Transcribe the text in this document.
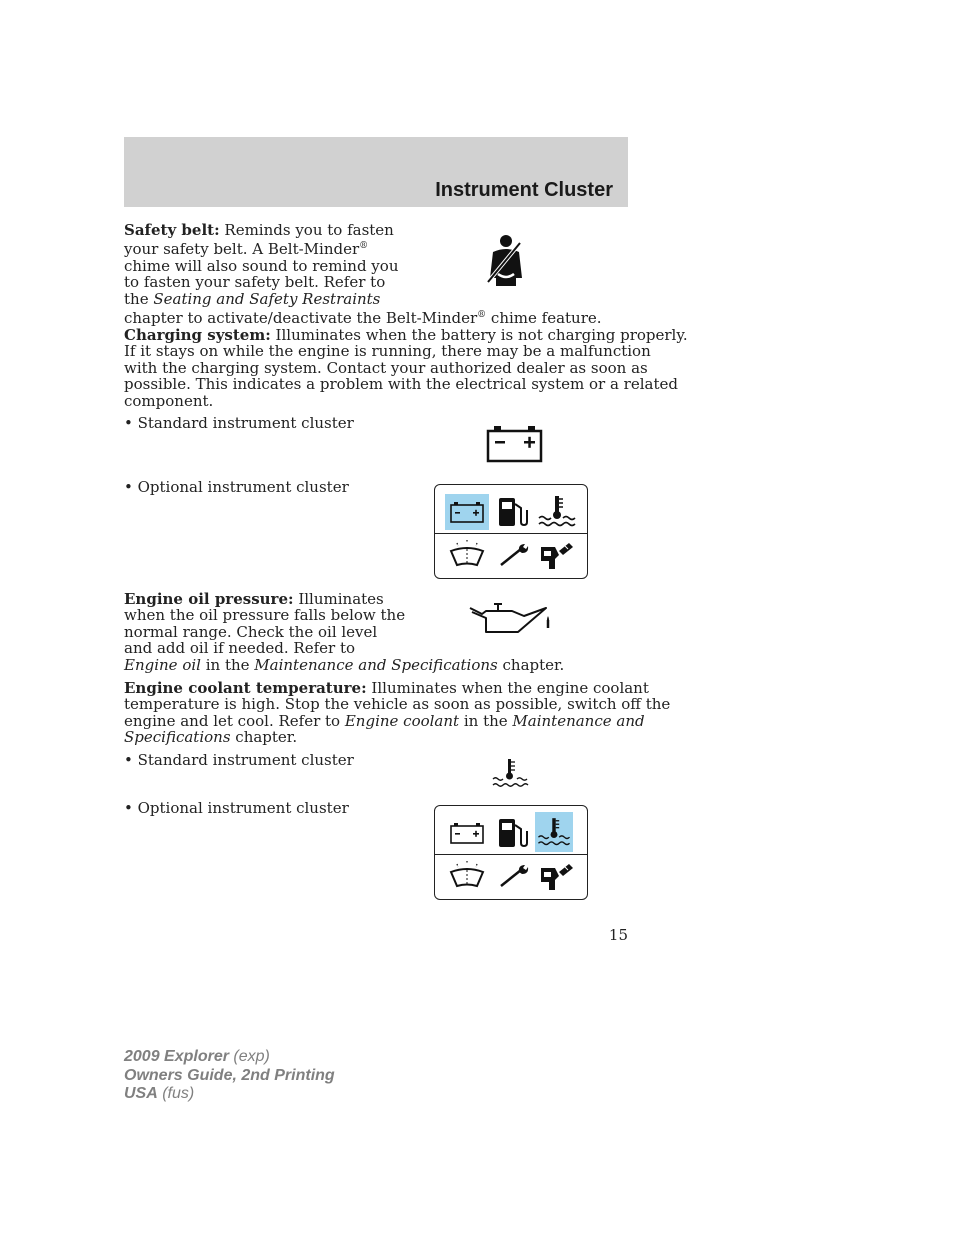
Instrument Cluster
Safety belt: Reminds you to fasten
your safety belt. A Belt-Minder®
chime will also sound to remind you
to fasten your safety belt. Refer to
the Seating and Safety Restraints
chapter to activate/deactivate the Belt-Minder® chime feature.
Charging system: Illuminates when the battery is not charging properly.
If it stays on while the engine is running, there may be a malfunction
with the charging system. Contact your authorized dealer as soon as
possible. This indicates a problem with the electrical system or a related
component.
• Standard instrument cluster
• Optional instrument cluster
Engine oil pressure: Illuminates
when the oil pressure falls below the
normal range. Check the oil level
and add oil if needed. Refer to
Engine oil in the Maintenance and Specifications chapter.
Engine coolant temperature: Illuminates when the engine coolant
temperature is high. Stop the vehicle as soon as possible, switch off the
engine and let cool. Refer to Engine coolant in the Maintenance and
Specifications chapter.
• Standard instrument cluster
• Optional instrument cluster
15
2009 Explorer (exp)
Owners Guide, 2nd Printing
USA (fus)
